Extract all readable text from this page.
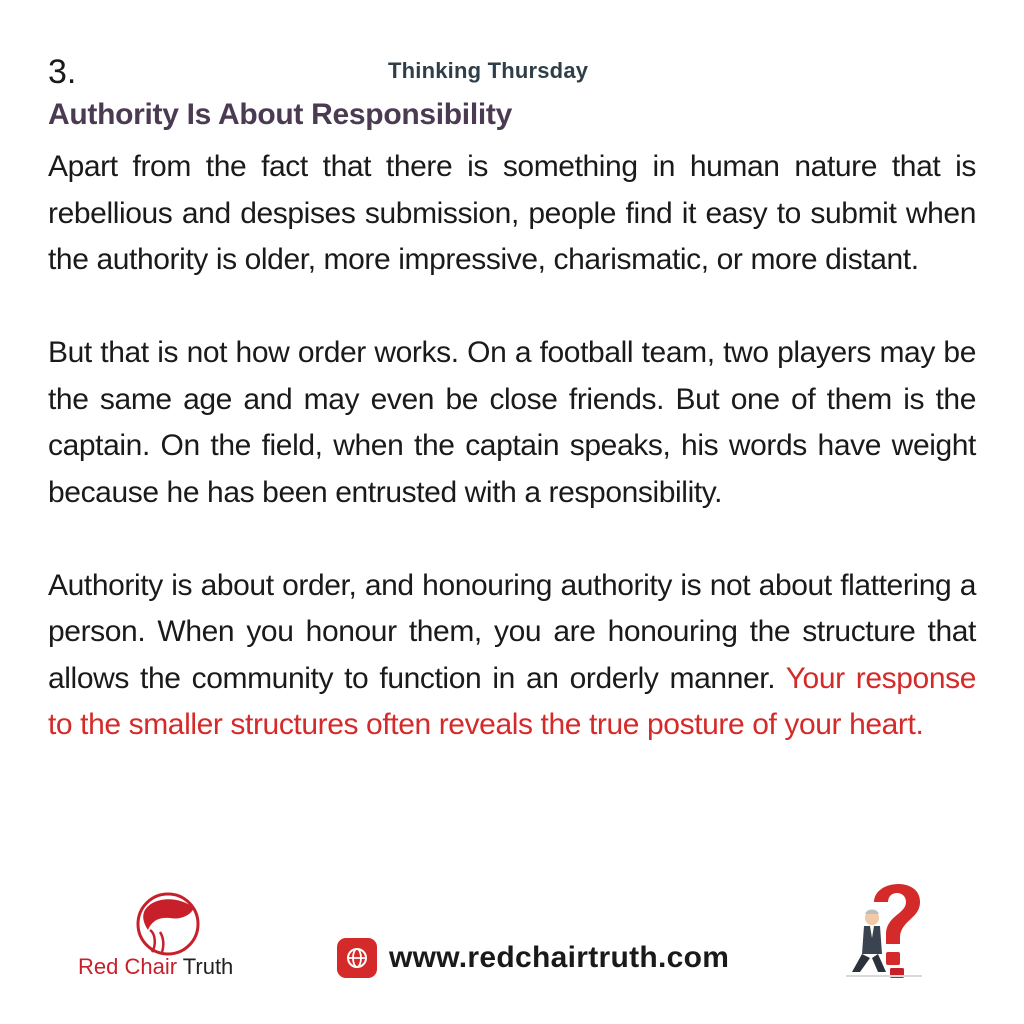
3.	Thinking Thursday
Authority Is About Responsibility

Apart from the fact that there is something in human nature that is rebellious and despises submission, people find it easy to submit when the authority is older, more impressive, charismatic, or more distant.

But that is not how order works. On a football team, two players may be the same age and may even be close friends. But one of them is the captain. On the field, when the captain speaks, his words have weight because he has been entrusted with a responsibility.

Authority is about order, and honouring authority is not about flattering a person. When you honour them, you are honouring the structure that allows the community to function in an orderly manner. Your response to the smaller structures often reveals the true posture of your heart.

Red Chair Truth	www.redchairtruth.com
